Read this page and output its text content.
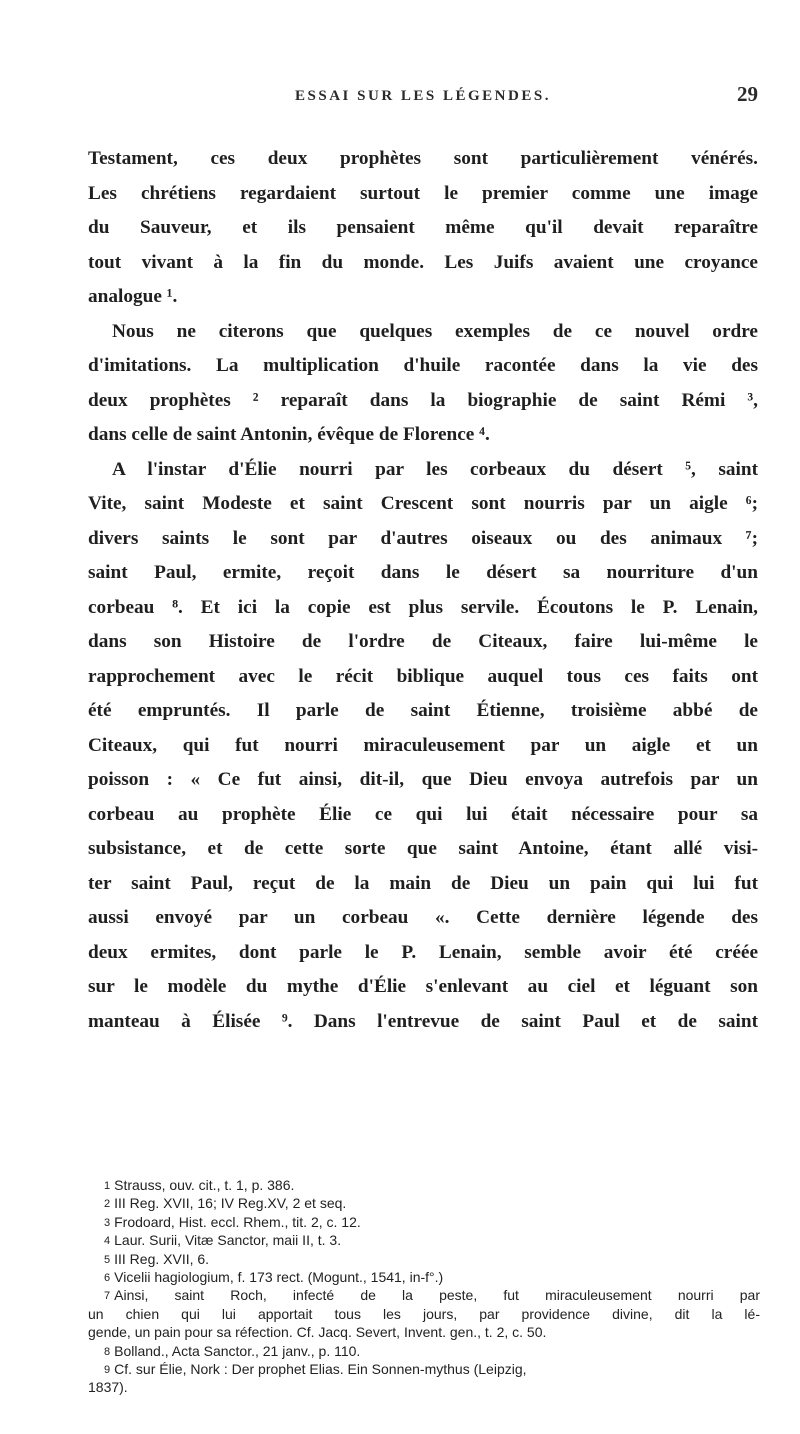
ESSAI SUR LES LÉGENDES.	29
Testament, ces deux prophètes sont particulièrement vénérés.
Les chrétiens regardaient surtout le premier comme une image
du Sauveur, et ils pensaient même qu'il devait reparaître
tout vivant à la fin du monde. Les Juifs avaient une croyance
analogue ¹.
Nous ne citerons que quelques exemples de ce nouvel ordre
d'imitations. La multiplication d'huile racontée dans la vie des
deux prophètes ² reparaît dans la biographie de saint Rémi ³,
dans celle de saint Antonin, évêque de Florence ⁴.
A l'instar d'Élie nourri par les corbeaux du désert ⁵, saint
Vite, saint Modeste et saint Crescent sont nourris par un aigle ⁶;
divers saints le sont par d'autres oiseaux ou des animaux ⁷;
saint Paul, ermite, reçoit dans le désert sa nourriture d'un
corbeau ⁸. Et ici la copie est plus servile. Écoutons le P. Lenain,
dans son Histoire de l'ordre de Citeaux, faire lui-même le
rapprochement avec le récit biblique auquel tous ces faits ont
été empruntés. Il parle de saint Étienne, troisième abbé de
Citeaux, qui fut nourri miraculeusement par un aigle et un
poisson : « Ce fut ainsi, dit-il, que Dieu envoya autrefois par un
corbeau au prophète Élie ce qui lui était nécessaire pour sa
subsistance, et de cette sorte que saint Antoine, étant allé visi-
ter saint Paul, reçut de la main de Dieu un pain qui lui fut
aussi envoyé par un corbeau «. Cette dernière légende des
deux ermites, dont parle le P. Lenain, semble avoir été créée
sur le modèle du mythe d'Élie s'enlevant au ciel et léguant son
manteau à Élisée ⁹. Dans l'entrevue de saint Paul et de saint
1 Strauss, ouv. cit., t. 1, p. 386.
2 III Reg. XVII, 16; IV Reg.XV, 2 et seq.
3 Frodoard, Hist. eccl. Rhem., tit. 2, c. 12.
4 Laur. Surii, Vitæ Sanctor, maii II, t. 3.
5 III Reg. XVII, 6.
6 Vicelii hagiologium, f. 173 rect. (Mogunt., 1541, in-f°.)
7 Ainsi, saint Roch, infecté de la peste, fut miraculeusement nourri par
un chien qui lui apportait tous les jours, par providence divine, dit la lé-
gende, un pain pour sa réfection. Cf. Jacq. Severt, Invent. gen., t. 2, c. 50.
8 Bolland., Acta Sanctor., 21 janv., p. 110.
9 Cf. sur Élie, Nork : Der prophet Elias. Ein Sonnen-mythus (Leipzig,
1837).
